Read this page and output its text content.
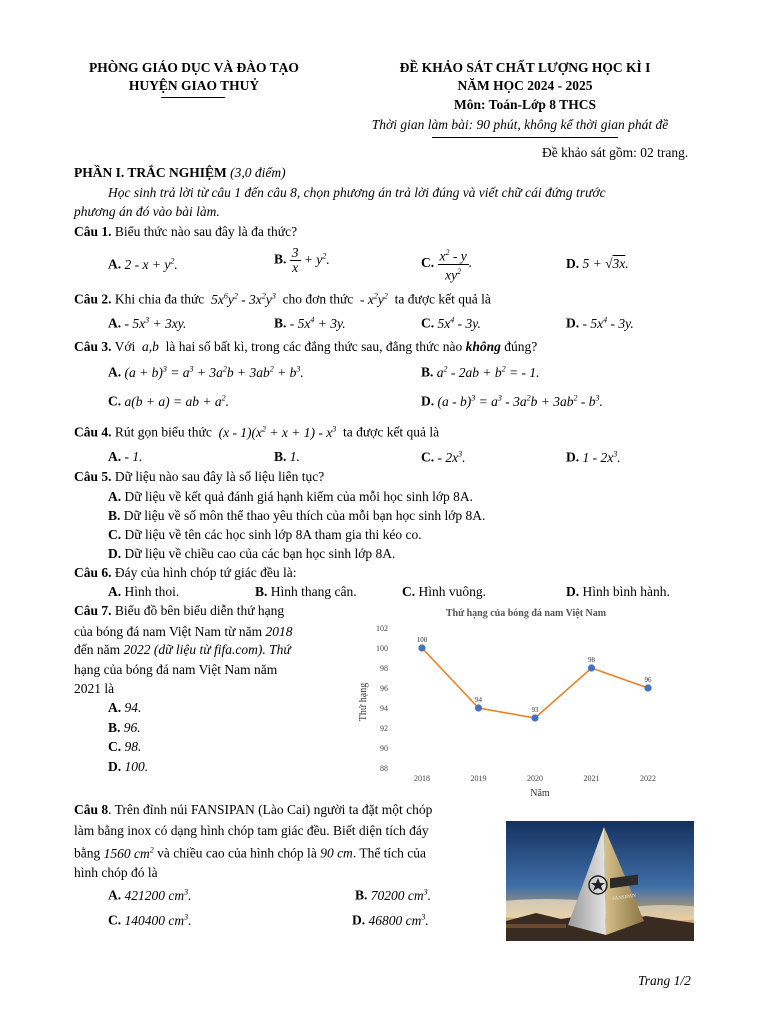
PHÒNG GIÁO DỤC VÀ ĐÀO TẠO
HUYỆN GIAO THUỶ
ĐỀ KHẢO SÁT CHẤT LƯỢNG HỌC KÌ I
NĂM HỌC 2024 - 2025
Môn: Toán-Lớp 8 THCS
Thời gian làm bài: 90 phút, không kể thời gian phát đề
Đề khảo sát gồm: 02 trang.
PHẦN I. TRẮC NGHIỆM (3,0 điểm)
Học sinh trả lời từ câu 1 đến câu 8, chọn phương án trả lời đúng và viết chữ cái đứng trước
phương án đó vào bài làm.
Câu 1. Biểu thức nào sau đây là đa thức?
A. $2 - x + y^2$.	B. $\frac{3}{x} + y^2$.	C. $\frac{x^2 - y}{xy^2}$ .	D. 5 + √3x.
Câu 2. Khi chia đa thức  $5x^6y^2 - 3x^2y^3$ cho đơn thức  - $x^2y^2$ ta được kết quả là
A. - $5x^3 + 3xy$.	B. - $5x^4 + 3y$.	C. $5x^4 - 3y$.	D. - $5x^4 - 3y$.
Câu 3. Với  a,b  là hai số bất kì, trong các đẳng thức sau, đẳng thức nào không đúng?
A. $(a + b)^3 = a^3 + 3a^2b + 3ab^2 + b^3$.	B. $a^2 - 2ab + b^2$ = - 1.
C. a(b + a) = ab + $a^2$.	D. $(a - b)^3 = a^3 - 3a^2b + 3ab^2 - b^3$.
Câu 4. Rút gọn biểu thức  $(x - 1)(x^2 + x + 1) - x^3$ ta được kết quả là
A. - 1.	B. 1.	C. - $2x^3$.	D. $1 - 2x^3$.
Câu 5. Dữ liệu nào sau đây là số liệu liên tục?
A. Dữ liệu về kết quả đánh giá hạnh kiểm của mỗi học sinh lớp 8A.
B. Dữ liệu về số môn thể thao yêu thích của mỗi bạn học sinh lớp 8A.
C. Dữ liệu về tên các học sinh lớp 8A tham gia thi kéo co.
D. Dữ liệu về chiều cao của các bạn học sinh lớp 8A.
Câu 6. Đáy của hình chóp tứ giác đều là:
A. Hình thoi.	B. Hình thang cân.	C. Hình vuông.	D. Hình bình hành.
Câu 7. Biểu đồ bên biểu diễn thứ hạng
của bóng đá nam Việt Nam từ năm 2018
đến năm 2022 (dữ liệu từ fifa.com). Thứ
hạng của bóng đá nam Việt Nam năm
2021 là
A. 94.
B. 96.
C. 98.
D. 100.
Thứ hạng của bóng đá nam Việt Nam
Thứ hạng
Năm
88
90
92
94
96
98
100
102
2018	2019	2020	2021	2022
100
94
93
98
96
Câu 8. Trên đỉnh núi FANSIPAN (Lào Cai) người ta đặt một chóp
làm bằng inox có dạng hình chóp tam giác đều. Biết diện tích đáy
bằng 1560 $cm^2$ và chiều cao của hình chóp là 90 cm. Thể tích của
hình chóp đó là
A. 421200 $cm^3$.	B. 70200 $cm^3$.
C. 140400 $cm^3$.	D. 46800 $cm^3$.
FANSIPAN
Trang 1/2
